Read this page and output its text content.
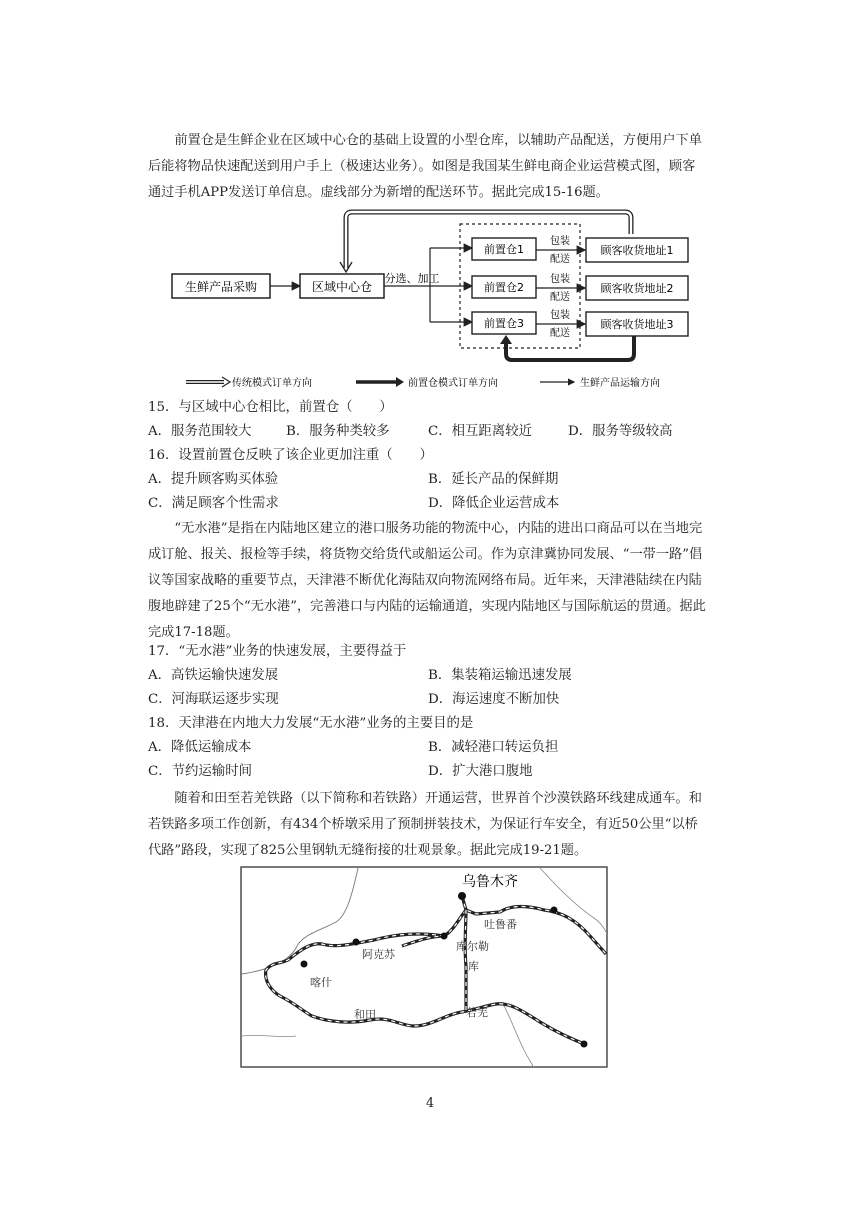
前置仓是生鲜企业在区域中心仓的基础上设置的小型仓库，以辅助产品配送，方便用户下单后能将物品快速配送到用户手上（极速达业务）。如图是我国某生鲜电商企业运营模式图，顾客通过手机APP发送订单信息。虚线部分为新增的配送环节。据此完成15-16题。

生鲜产品采购	区域中心仓
分选、加工
前置仓1
前置仓2
前置仓3
包装
配送
包装
配送
包装
配送
顾客收货地址1
顾客收货地址2
顾客收货地址3
传统模式订单方向	前置仓模式订单方向	生鲜产品运输方向
15．与区域中心仓相比，前置仓（　　）
A．服务范围较大	B．服务种类较多	C．相互距离较近	D．服务等级较高
16．设置前置仓反映了该企业更加注重（　　）
A．提升顾客购买体验	B．延长产品的保鲜期
C．满足顾客个性需求	D．降低企业运营成本

“无水港”是指在内陆地区建立的港口服务功能的物流中心，内陆的进出口商品可以在当地完成订舱、报关、报检等手续，将货物交给货代或船运公司。作为京津冀协同发展、“一带一路”倡议等国家战略的重要节点，天津港不断优化海陆双向物流网络布局。近年来，天津港陆续在内陆腹地辟建了25个“无水港”，完善港口与内陆的运输通道，实现内陆地区与国际航运的贯通。据此完成17-18题。

17．“无水港”业务的快速发展，主要得益于
A．高铁运输快速发展	B．集装箱运输迅速发展
C．河海联运逐步实现	D．海运速度不断加快
18．天津港在内地大力发展“无水港”业务的主要目的是
A．降低运输成本	B．减轻港口转运负担
C．节约运输时间	D．扩大港口腹地

随着和田至若羌铁路（以下简称和若铁路）开通运营，世界首个沙漠铁路环线建成通车。和若铁路多项工作创新，有434个桥墩采用了预制拼装技术，为保证行车安全，有近50公里“以桥代路”路段，实现了825公里钢轨无缝衔接的壮观景象。据此完成19-21题。

乌鲁木齐
吐鲁番
库尔勒
库
阿克苏
喀什
和田	若羌
4
